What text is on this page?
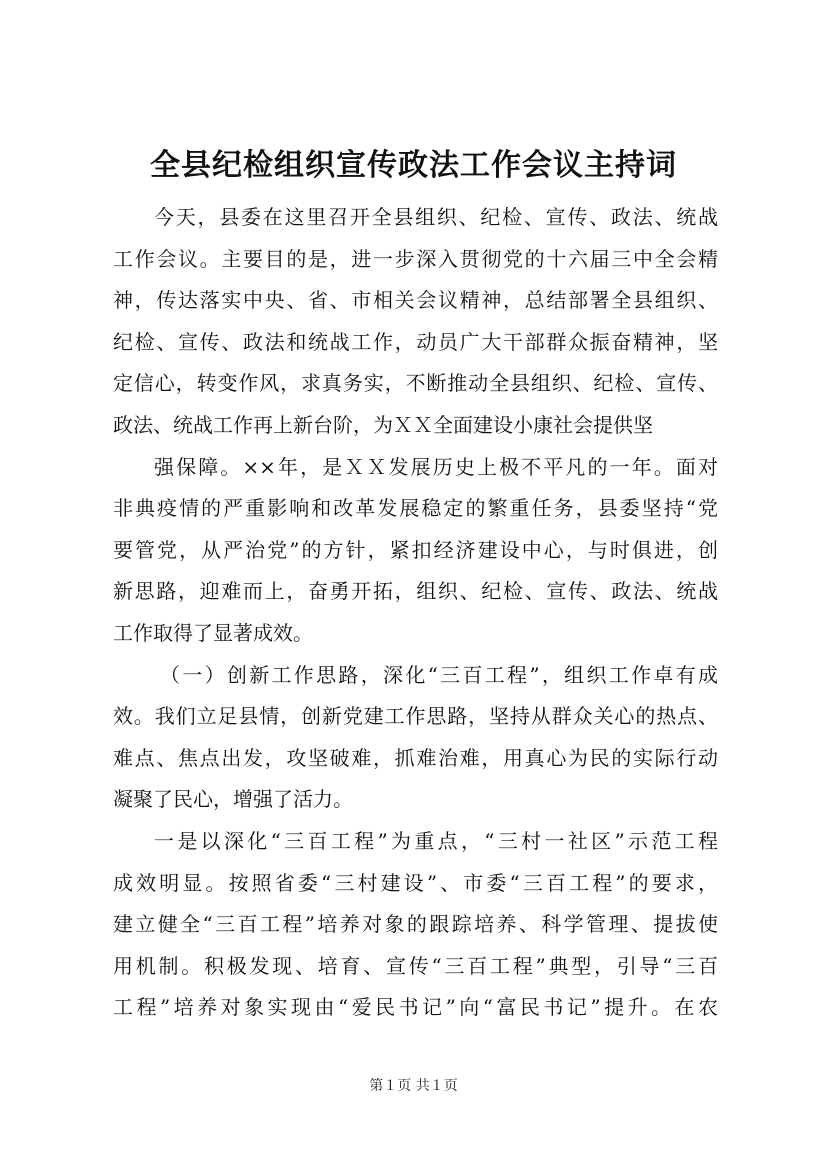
全县纪检组织宣传政法工作会议主持词
今天，县委在这里召开全县组织、纪检、宣传、政法、统战
工作会议。主要目的是，进一步深入贯彻党的十六届三中全会精
神，传达落实中央、省、市相关会议精神，总结部署全县组织、
纪检、宣传、政法和统战工作，动员广大干部群众振奋精神，坚
定信心，转变作风，求真务实，不断推动全县组织、纪检、宣传、
政法、统战工作再上新台阶，为ＸＸ全面建设小康社会提供坚
强保障。××年，是ＸＸ发展历史上极不平凡的一年。面对
非典疫情的严重影响和改革发展稳定的繁重任务，县委坚持“党
要管党，从严治党”的方针，紧扣经济建设中心，与时俱进，创
新思路，迎难而上，奋勇开拓，组织、纪检、宣传、政法、统战
工作取得了显著成效。
（一）创新工作思路，深化“三百工程”，组织工作卓有成
效。我们立足县情，创新党建工作思路，坚持从群众关心的热点、
难点、焦点出发，攻坚破难，抓难治难，用真心为民的实际行动
凝聚了民心，增强了活力。
一是以深化“三百工程”为重点，“三村一社区”示范工程
成效明显。按照省委“三村建设”、市委“三百工程”的要求，
建立健全“三百工程”培养对象的跟踪培养、科学管理、提拔使
用机制。积极发现、培育、宣传“三百工程”典型，引导“三百
工程”培养对象实现由“爱民书记”向“富民书记”提升。在农
第１页 共１页
